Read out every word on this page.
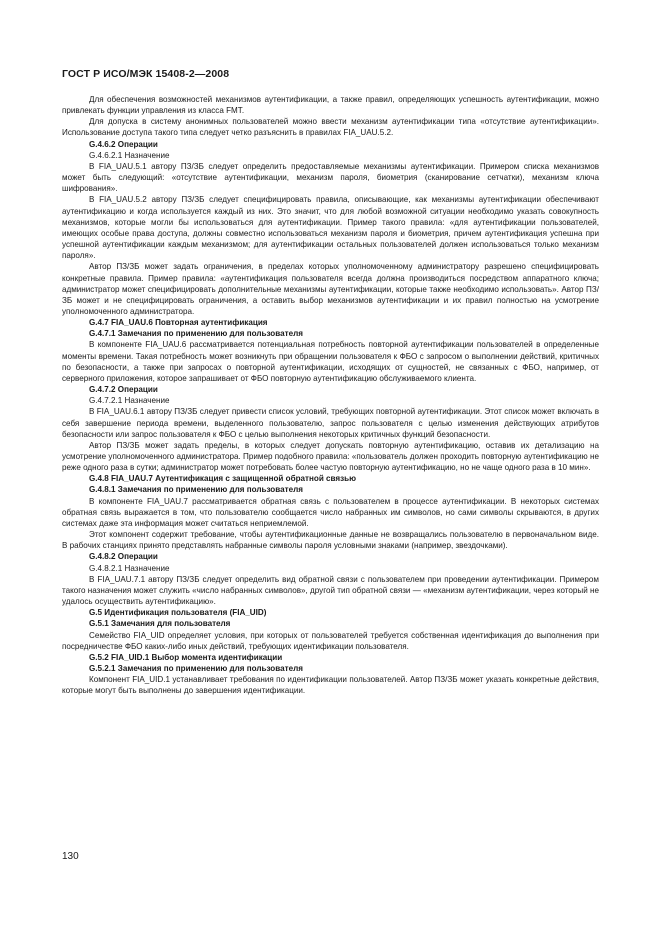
ГОСТ Р ИСО/МЭК 15408-2—2008

Для обеспечения возможностей механизмов аутентификации, а также правил, определяющих успешность аутентификации, можно привлекать функции управления из класса FMT.

Для допуска в систему анонимных пользователей можно ввести механизм аутентификации типа «отсутствие аутентификации». Использование доступа такого типа следует четко разъяснить в правилах FIA_UAU.5.2.

G.4.6.2 Операции

G.4.6.2.1 Назначение

В FIA_UAU.5.1 автору ПЗ/ЗБ следует определить предоставляемые механизмы аутентификации. Примером списка механизмов может быть следующий: «отсутствие аутентификации, механизм пароля, биометрия (сканирование сетчатки), механизм ключа шифрования».

В FIA_UAU.5.2 автору ПЗ/ЗБ следует специфицировать правила, описывающие, как механизмы аутентификации обеспечивают аутентификацию и когда используется каждый из них. Это значит, что для любой возможной ситуации необходимо указать совокупность механизмов, которые могли бы использоваться для аутентификации. Пример такого правила: «для аутентификации пользователей, имеющих особые права доступа, должны совместно использоваться механизм пароля и биометрия, причем аутентификация успешна при успешной аутентификации каждым механизмом; для аутентификации остальных пользователей должен использоваться только механизм пароля».

Автор ПЗ/ЗБ может задать ограничения, в пределах которых уполномоченному администратору разрешено специфицировать конкретные правила. Пример правила: «аутентификация пользователя всегда должна производиться посредством аппаратного ключа; администратор может специфицировать дополнительные механизмы аутентификации, которые также необходимо использовать». Автор ПЗ/ЗБ может и не специфицировать ограничения, а оставить выбор механизмов аутентификации и их правил полностью на усмотрение уполномоченного администратора.

G.4.7 FIA_UAU.6 Повторная аутентификация

G.4.7.1 Замечания по применению для пользователя

В компоненте FIA_UAU.6 рассматривается потенциальная потребность повторной аутентификации пользователей в определенные моменты времени. Такая потребность может возникнуть при обращении пользователя к ФБО с запросом о выполнении действий, критичных по безопасности, а также при запросах о повторной аутентификации, исходящих от сущностей, не связанных с ФБО, например, от серверного приложения, которое запрашивает от ФБО повторную аутентификацию обслуживаемого клиента.

G.4.7.2 Операции

G.4.7.2.1 Назначение

В FIA_UAU.6.1 автору ПЗ/ЗБ следует привести список условий, требующих повторной аутентификации. Этот список может включать в себя завершение периода времени, выделенного пользователю, запрос пользователя с целью изменения действующих атрибутов безопасности или запрос пользователя к ФБО с целью выполнения некоторых критичных функций безопасности.

Автор ПЗ/ЗБ может задать пределы, в которых следует допускать повторную аутентификацию, оставив их детализацию на усмотрение уполномоченного администратора. Пример подобного правила: «пользователь должен проходить повторную аутентификацию не реже одного раза в сутки; администратор может потребовать более частую повторную аутентификацию, но не чаще одного раза в 10 мин».

G.4.8 FIA_UAU.7 Аутентификация с защищенной обратной связью

G.4.8.1 Замечания по применению для пользователя

В компоненте FIA_UAU.7 рассматривается обратная связь с пользователем в процессе аутентификации. В некоторых системах обратная связь выражается в том, что пользователю сообщается число набранных им символов, но сами символы скрываются, в других системах даже эта информация может считаться неприемлемой.

Этот компонент содержит требование, чтобы аутентификационные данные не возвращались пользователю в первоначальном виде. В рабочих станциях принято представлять набранные символы пароля условными знаками (например, звездочками).

G.4.8.2 Операции

G.4.8.2.1 Назначение

В FIA_UAU.7.1 автору ПЗ/ЗБ следует определить вид обратной связи с пользователем при проведении аутентификации. Примером такого назначения может служить «число набранных символов», другой тип обратной связи — «механизм аутентификации, через который не удалось осуществить аутентификацию».

G.5 Идентификация пользователя (FIA_UID)

G.5.1 Замечания для пользователя

Семейство FIA_UID определяет условия, при которых от пользователей требуется собственная идентификация до выполнения при посредничестве ФБО каких-либо иных действий, требующих идентификации пользователя.

G.5.2 FIA_UID.1 Выбор момента идентификации

G.5.2.1 Замечания по применению для пользователя

Компонент FIA_UID.1 устанавливает требования по идентификации пользователей. Автор ПЗ/ЗБ может указать конкретные действия, которые могут быть выполнены до завершения идентификации.

130
